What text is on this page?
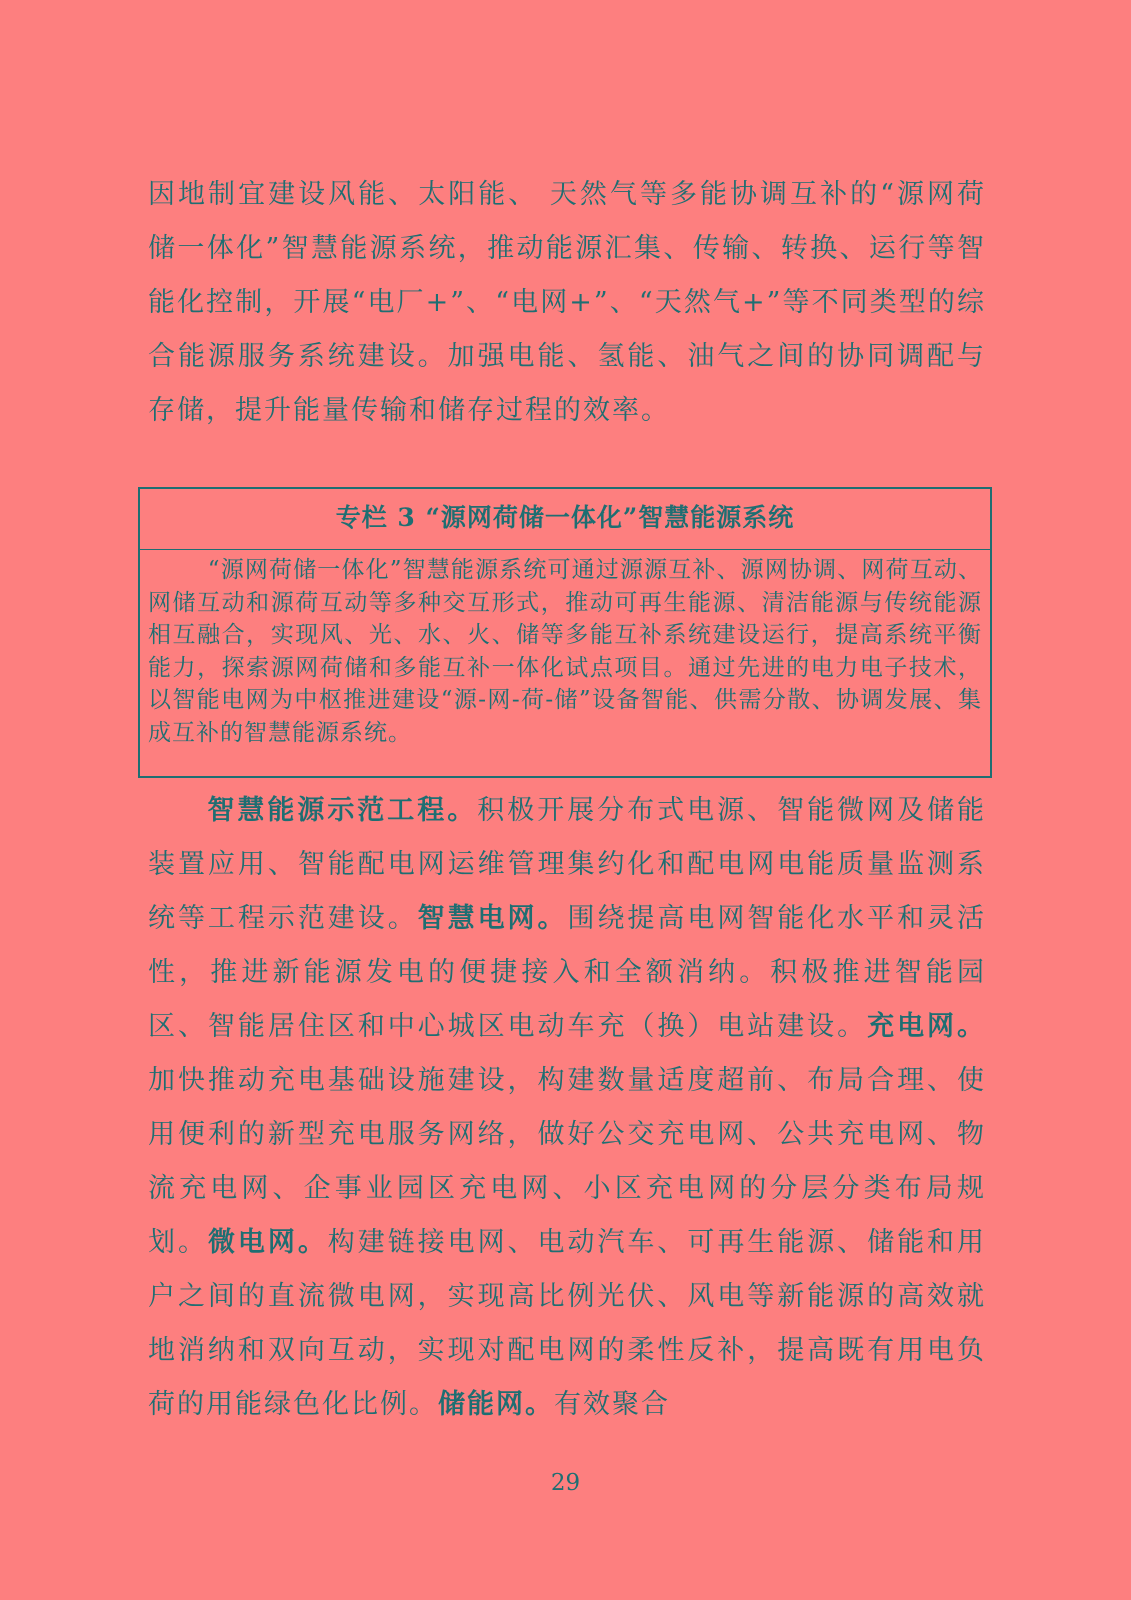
因地制宜建设风能、太阳能、 天然气等多能协调互补的“源网荷储一体化”智慧能源系统，推动能源汇集、传输、转换、运行等智能化控制，开展“电厂+”、“电网+”、“天然气+”等不同类型的综合能源服务系统建设。加强电能、氢能、油气之间的协同调配与存储，提升能量传输和储存过程的效率。

专栏 3 “源网荷储一体化”智慧能源系统
“源网荷储一体化”智慧能源系统可通过源源互补、源网协调、网荷互动、网储互动和源荷互动等多种交互形式，推动可再生能源、清洁能源与传统能源相互融合，实现风、光、水、火、储等多能互补系统建设运行，提高系统平衡能力，探索源网荷储和多能互补一体化试点项目。通过先进的电力电子技术，以智能电网为中枢推进建设“源-网-荷-储”设备智能、供需分散、协调发展、集成互补的智慧能源系统。

智慧能源示范工程。积极开展分布式电源、智能微网及储能装置应用、智能配电网运维管理集约化和配电网电能质量监测系统等工程示范建设。智慧电网。围绕提高电网智能化水平和灵活性，推进新能源发电的便捷接入和全额消纳。积极推进智能园区、智能居住区和中心城区电动车充（换）电站建设。充电网。加快推动充电基础设施建设，构建数量适度超前、布局合理、使用便利的新型充电服务网络，做好公交充电网、公共充电网、物流充电网、企事业园区充电网、小区充电网的分层分类布局规划。微电网。构建链接电网、电动汽车、可再生能源、储能和用户之间的直流微电网，实现高比例光伏、风电等新能源的高效就地消纳和双向互动，实现对配电网的柔性反补，提高既有用电负荷的用能绿色化比例。储能网。有效聚合

29
